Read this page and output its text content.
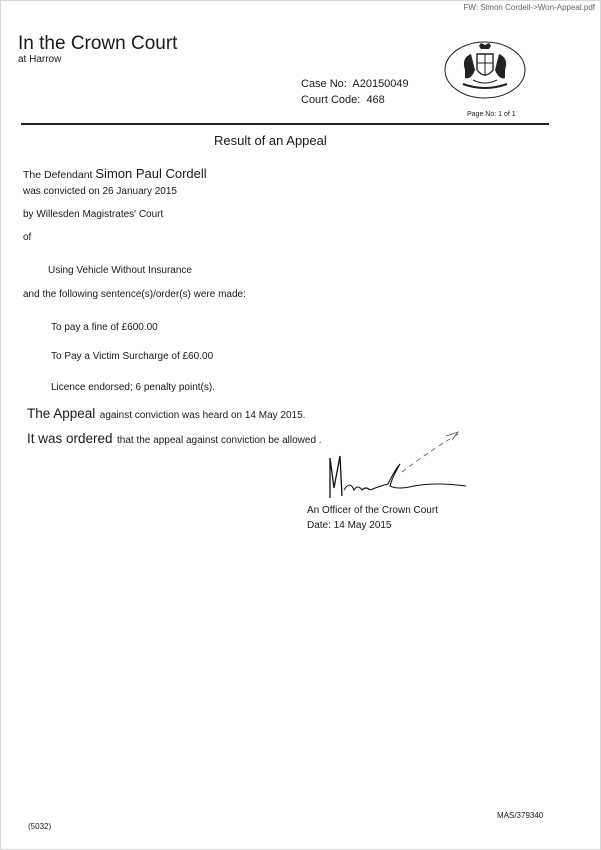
FW: Simon Cordell->Won-Appeal.pdf
In the Crown Court
at Harrow
Case No: A20150049
Court Code: 468
Page No: 1 of 1
Result of an Appeal
The Defendant Simon Paul Cordell
was convicted on 26 January 2015
by Willesden Magistrates' Court
of
Using Vehicle Without Insurance
and the following sentence(s)/order(s) were made:
To pay a fine of £600.00
To Pay a Victim Surcharge of £60.00
Licence endorsed; 6 penalty point(s).
The Appeal against conviction was heard on 14 May 2015.
It was ordered that the appeal against conviction be allowed .
An Officer of the Crown Court
Date: 14 May 2015
MAS/379340
(5032)
